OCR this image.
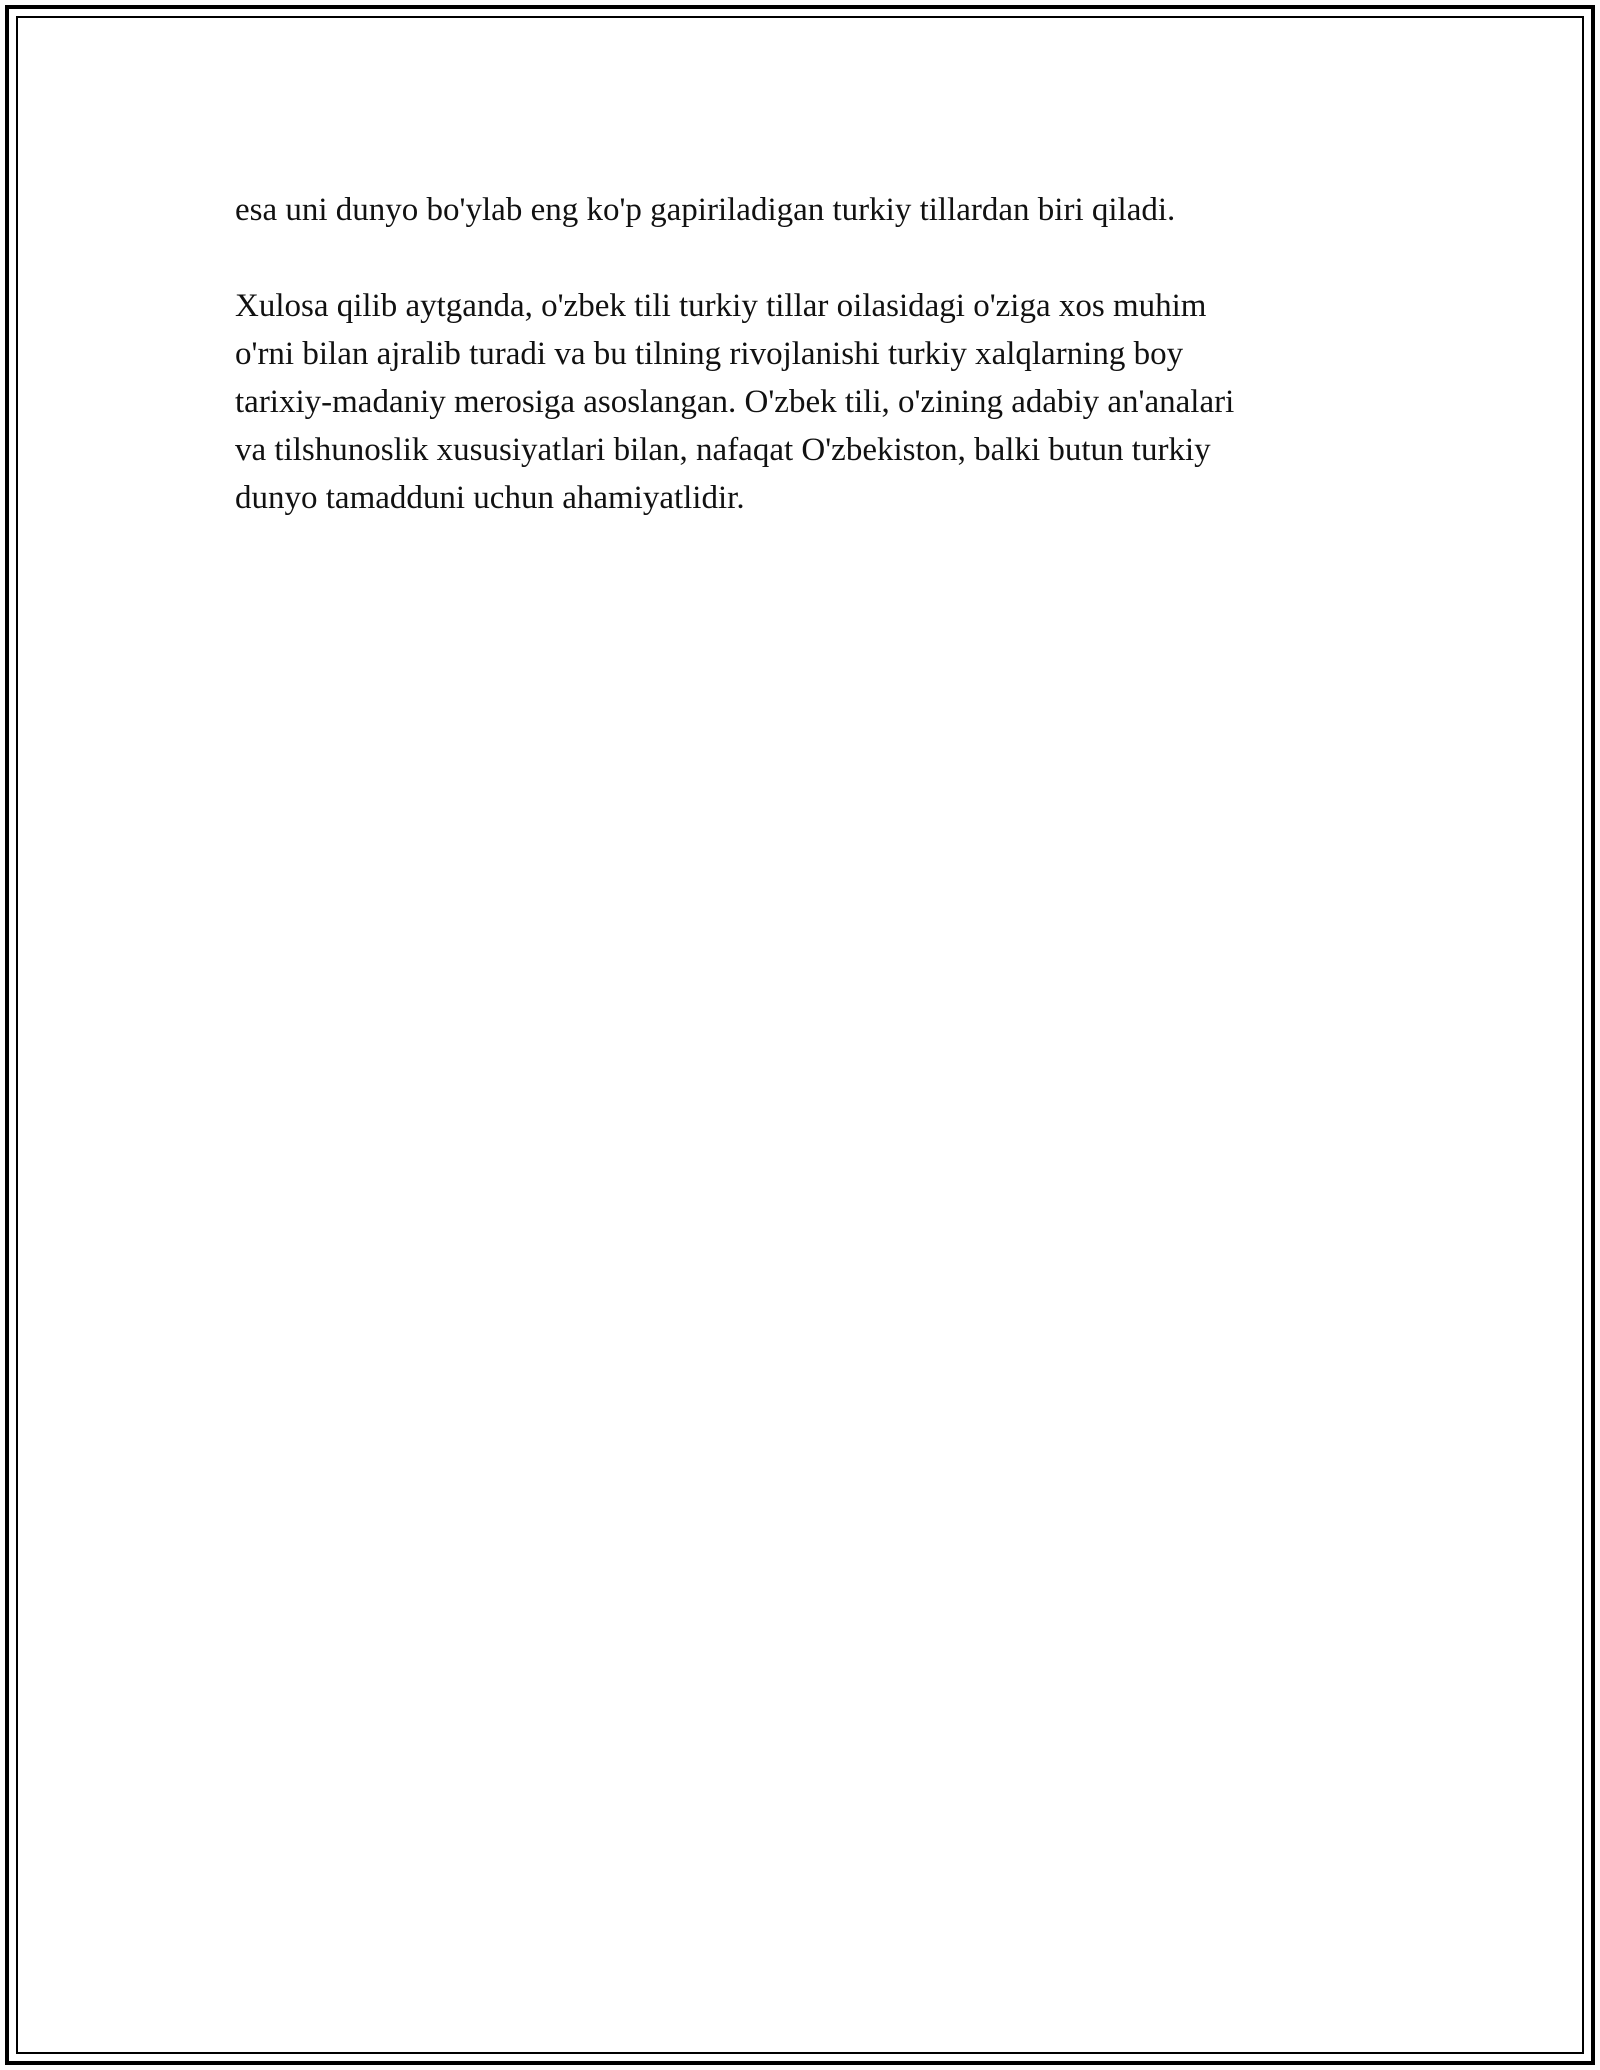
esa uni dunyo bo'ylab eng ko'p gapiriladigan turkiy tillardan biri qiladi.

Xulosa qilib aytganda, o'zbek tili turkiy tillar oilasidagi o'ziga xos muhim
o'rni bilan ajralib turadi va bu tilning rivojlanishi turkiy xalqlarning boy
tarixiy-madaniy merosiga asoslangan. O'zbek tili, o'zining adabiy an'analari
va tilshunoslik xususiyatlari bilan, nafaqat O'zbekiston, balki butun turkiy
dunyo tamadduni uchun ahamiyatlidir.
